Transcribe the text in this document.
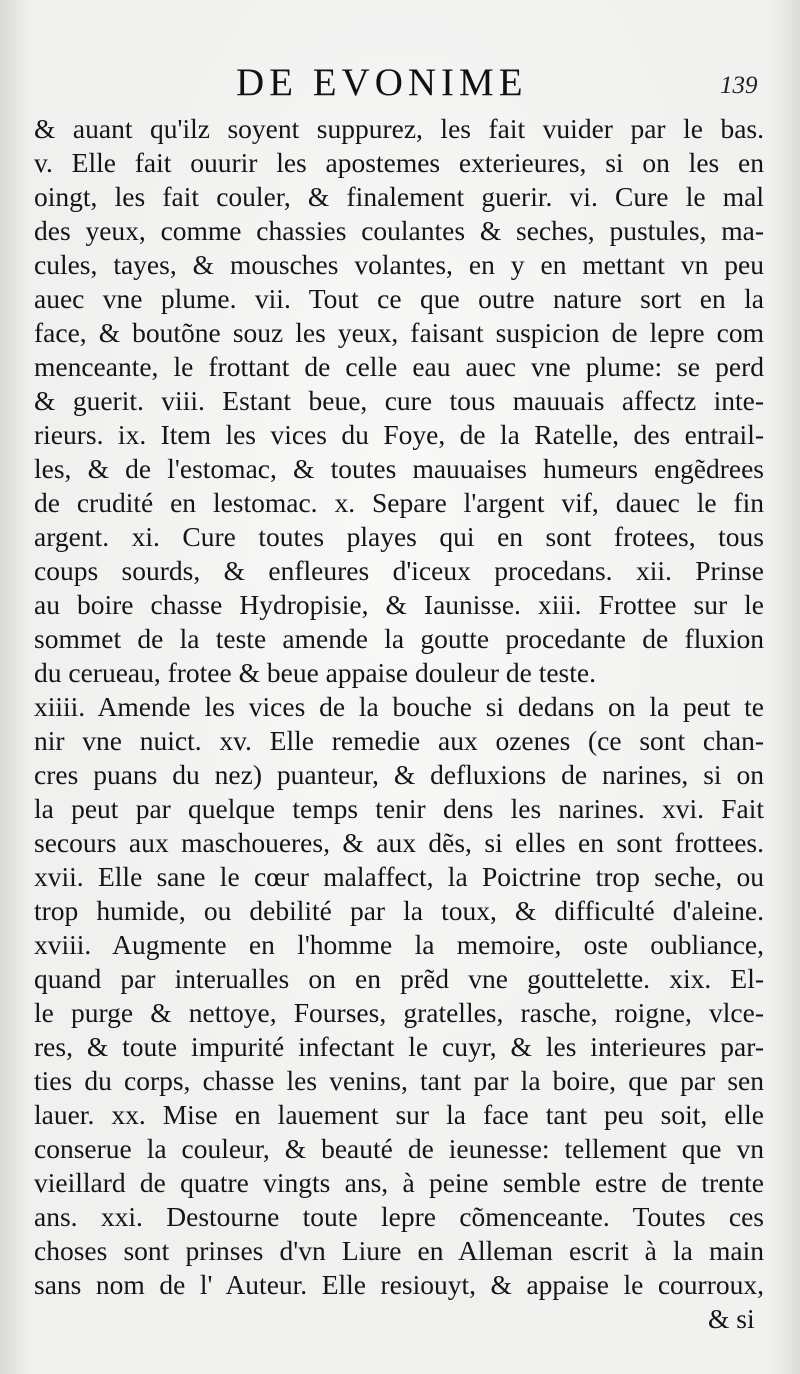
DE EVONIME	139
& auant qu'ilz soyent suppurez, les fait vuider par le bas.
v. Elle fait ouurir les apostemes exterieures, si on les en
oingt, les fait couler, & finalement guerir. vi. Cure le mal
des yeux, comme chassies coulantes & seches, pustules, ma-
cules, tayes, & mousches volantes, en y en mettant vn peu
auec vne plume. vii. Tout ce que outre nature sort en la
face, & boutõne souz les yeux, faisant suspicion de lepre com
menceante, le frottant de celle eau auec vne plume: se perd
& guerit. viii. Estant beue, cure tous mauuais affectz inte-
rieurs. ix. Item les vices du Foye, de la Ratelle, des entrail-
les, & de l'estomac, & toutes mauuaises humeurs engẽdrees
de crudité en lestomac. x. Separe l'argent vif, dauec le fin
argent. xi. Cure toutes playes qui en sont frotees, tous
coups sourds, & enfleures d'iceux procedans. xii. Prinse
au boire chasse Hydropisie, & Iaunisse. xiii. Frottee sur le
sommet de la teste amende la goutte procedante de fluxion
du cerueau, frotee & beue appaise douleur de teste.
xiiii. Amende les vices de la bouche si dedans on la peut te
nir vne nuict. xv. Elle remedie aux ozenes (ce sont chan-
cres puans du nez) puanteur, & defluxions de narines, si on
la peut par quelque temps tenir dens les narines. xvi. Fait
secours aux maschoueres, & aux dẽs, si elles en sont frottees.
xvii. Elle sane le cœur malaffect, la Poictrine trop seche, ou
trop humide, ou debilité par la toux, & difficulté d'aleine.
xviii. Augmente en l'homme la memoire, oste oubliance,
quand par interualles on en prẽd vne gouttelette. xix. El-
le purge & nettoye, Fourses, gratelles, rasche, roigne, vlce-
res, & toute impurité infectant le cuyr, & les interieures par-
ties du corps, chasse les venins, tant par la boire, que par sen
lauer. xx. Mise en lauement sur la face tant peu soit, elle
conserue la couleur, & beauté de ieunesse: tellement que vn
vieillard de quatre vingts ans, à peine semble estre de trente
ans. xxi. Destourne toute lepre cõmenceante. Toutes ces
choses sont prinses d'vn Liure en Alleman escrit à la main
sans nom de l' Auteur. Elle resiouyt, & appaise le courroux,
& si
